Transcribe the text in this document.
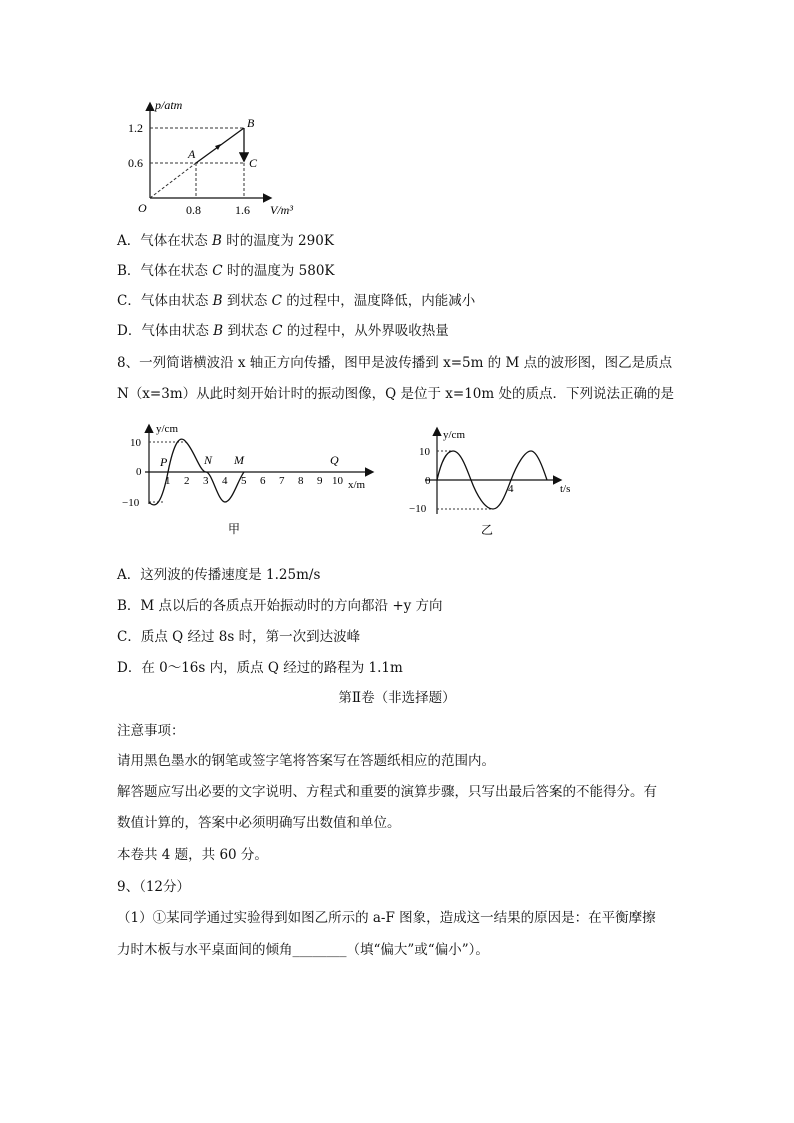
p/atm
V/m³
O
1.2
0.6
0.8	1.6
A
B
C
A．气体在状态 B 时的温度为 290K
B．气体在状态 C 时的温度为 580K
C．气体由状态 B 到状态 C 的过程中，温度降低，内能减小
D．气体由状态 B 到状态 C 的过程中，从外界吸收热量
8、一列简谐横波沿 x 轴正方向传播，图甲是波传播到 x=5m 的 M 点的波形图，图乙是质点
N（x=3m）从此时刻开始计时的振动图像，Q 是位于 x=10m 处的质点．下列说法正确的是
10
0
−10
1 2 3 4 5 6 7 8 9 10 x/m
y/cm
P	N M	Q
甲
y/cm
10
0
−10
4	t/s
乙
A．这列波的传播速度是 1.25m/s
B．M 点以后的各质点开始振动时的方向都沿 +y 方向
C．质点 Q 经过 8s 时，第一次到达波峰
D．在 0～16s 内，质点 Q 经过的路程为 1.1m
第Ⅱ卷（非选择题）
注意事项：
请用黑色墨水的钢笔或签字笔将答案写在答题纸相应的范围内。
解答题应写出必要的文字说明、方程式和重要的演算步骤，只写出最后答案的不能得分。有
数值计算的，答案中必须明确写出数值和单位。
本卷共 4 题，共 60 分。
9、（12分）
（1）①某同学通过实验得到如图乙所示的 a-F 图象，造成这一结果的原因是：在平衡摩擦
力时木板与水平桌面间的倾角________（填“偏大”或“偏小”）。
